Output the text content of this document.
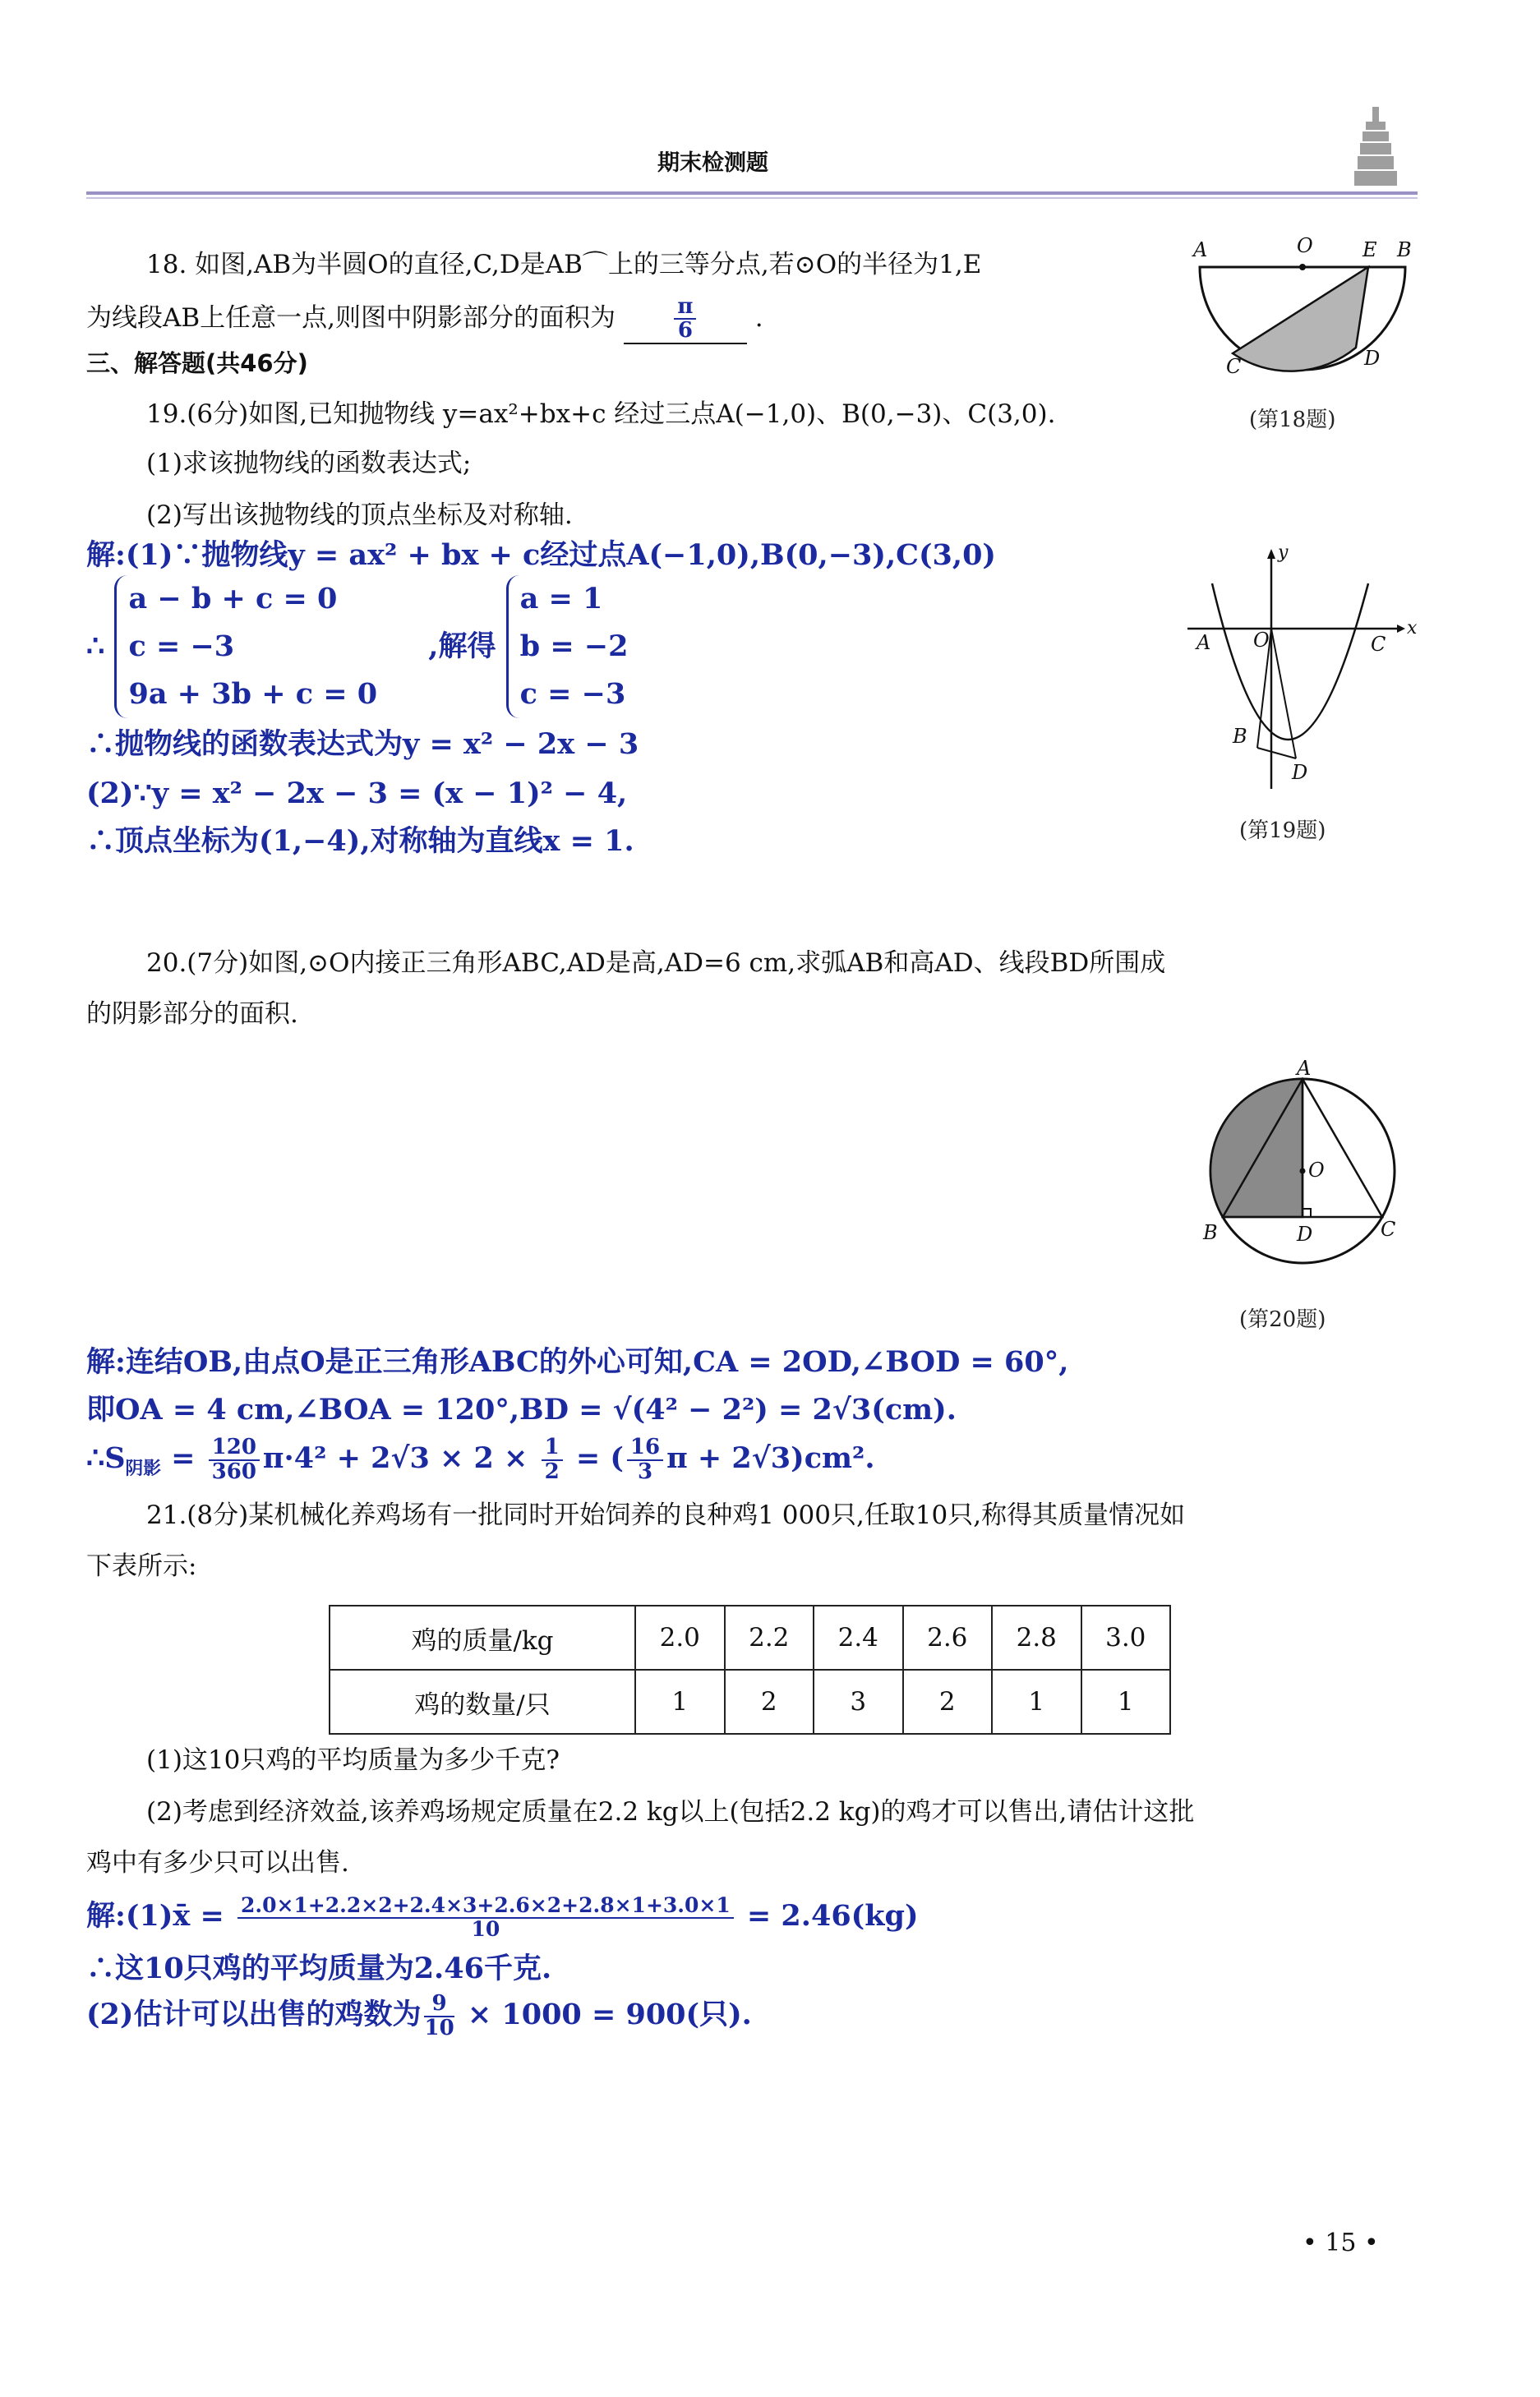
期末检测题
18. 如图,AB为半圆O的直径,C,D是AB⌒上的三等分点,若⊙O的半径为1,E
为线段AB上任意一点,则图中阴影部分的面积为	$\frac{\pi}{6}$ .
A	O	E B
C	D
(第18题)
三、解答题(共46分)
19.(6分)如图,已知抛物线 y=ax²+bx+c 经过三点A(−1,0)、B(0,−3)、C(3,0).
(1)求该抛物线的函数表达式;
(2)写出该抛物线的顶点坐标及对称轴.
解:(1)∵抛物线y = ax² + bx + c经过点A(−1,0),B(0,−3),C(3,0)
∴
a − b + c = 0
c = −3
9a + 3b + c = 0
,解得
a = 1
b = −2
c = −3
∴抛物线的函数表达式为y = x² − 2x − 3
(2)∵y = x² − 2x − 3 = (x − 1)² − 4,
∴顶点坐标为(1,−4),对称轴为直线x = 1.
y
x
A O	C
B
D
(第19题)
20.(7分)如图,⊙O内接正三角形ABC,AD是高,AD=6 cm,求弧AB和高AD、线段BD所围成
的阴影部分的面积.
A
O
B	D	C
(第20题)
解:连结OB,由点O是正三角形ABC的外心可知,CA = 2OD,∠BOD = 60°,
即OA = 4 cm,∠BOA = 120°,BD = √(4² − 2²) = 2√3(cm).
$\therefore S_{阴影} = \frac{120}{360} \pi\cdot 4^2 + 2√3 \times 2 \times \frac{1}{2}$ = ( $\frac{16}{3}$ π + 2√3)cm².
21.(8分)某机械化养鸡场有一批同时开始饲养的良种鸡1 000只,任取10只,称得其质量情况如
下表所示:
鸡的质量/kg	2.0	2.2	2.4	2.6	2.8	3.0
鸡的数量/只	1	2	3	2	1	1
(1)这10只鸡的平均质量为多少千克?
(2)考虑到经济效益,该养鸡场规定质量在2.2 kg以上(包括2.2 kg)的鸡才可以售出,请估计这批
鸡中有多少只可以出售.
解:(1)x̄ = $\frac{2.0\times 1+2.2\times 2+2.4\times 3+2.6\times 2+2.8\times 1+3.0\times 1}{10} = 2.46(kg)$
∴这10只鸡的平均质量为2.46千克.
(2)估计可以出售的鸡数为 $\frac{9}{10} \times 1000 = 900$(只).
• 15 •
